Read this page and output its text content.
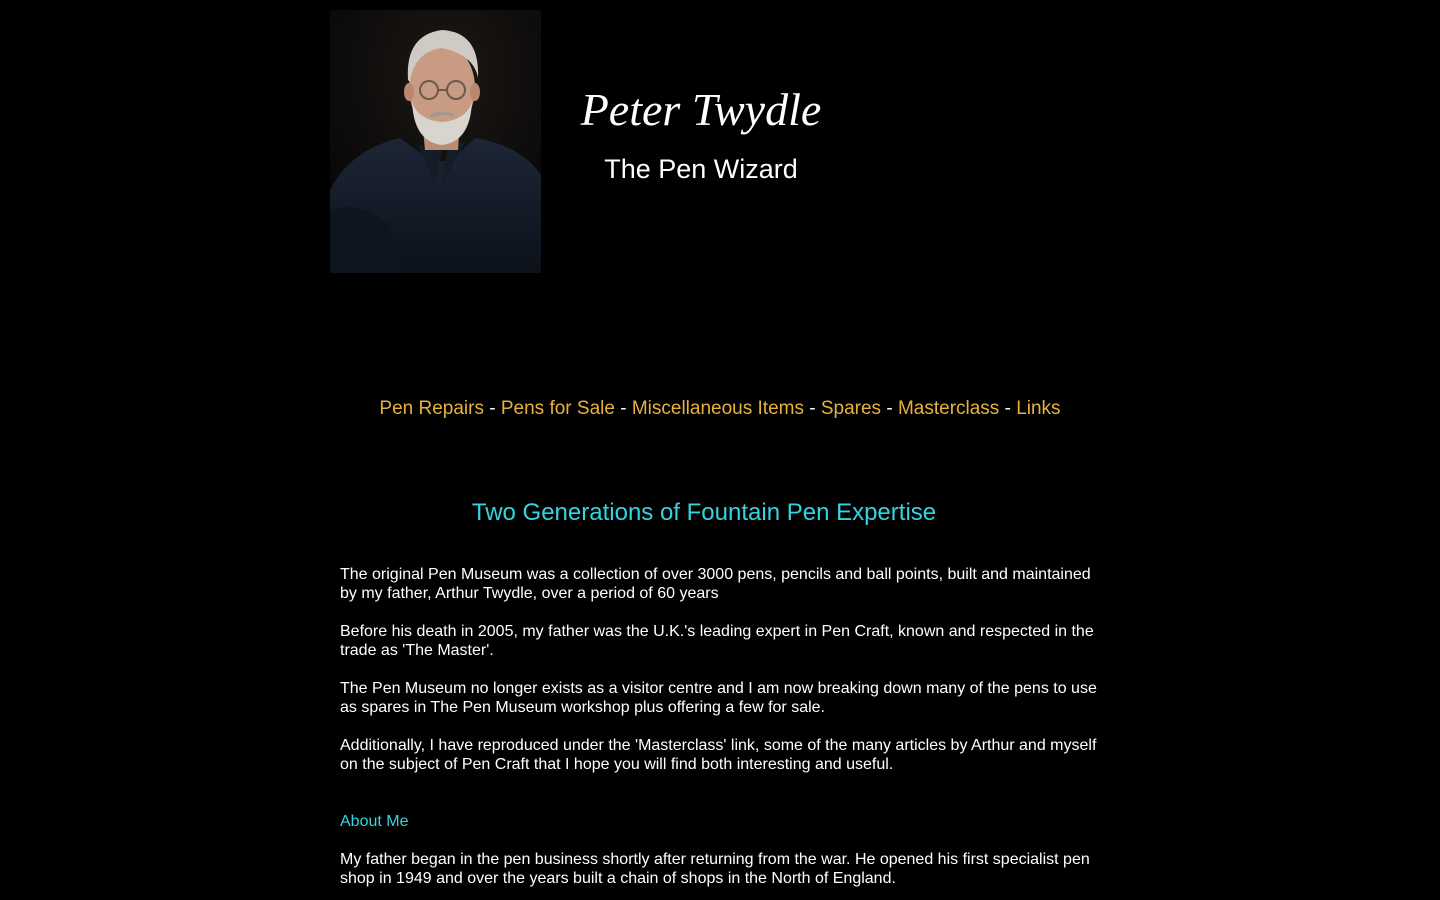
Peter Twydle
The Pen Wizard
Pen Repairs - Pens for Sale - Miscellaneous Items - Spares - Masterclass - Links
Two Generations of Fountain Pen Expertise

The original Pen Museum was a collection of over 3000 pens, pencils and ball points, built and maintained by my father, Arthur Twydle, over a period of 60 years

Before his death in 2005, my father was the U.K.'s leading expert in Pen Craft, known and respected in the trade as 'The Master'.

The Pen Museum no longer exists as a visitor centre and I am now breaking down many of the pens to use as spares in The Pen Museum workshop plus offering a few for sale.

Additionally, I have reproduced under the 'Masterclass' link, some of the many articles by Arthur and myself on the subject of Pen Craft that I hope you will find both interesting and useful.

About Me

My father began in the pen business shortly after returning from the war. He opened his first specialist pen shop in 1949 and over the years built a chain of shops in the North of England.
